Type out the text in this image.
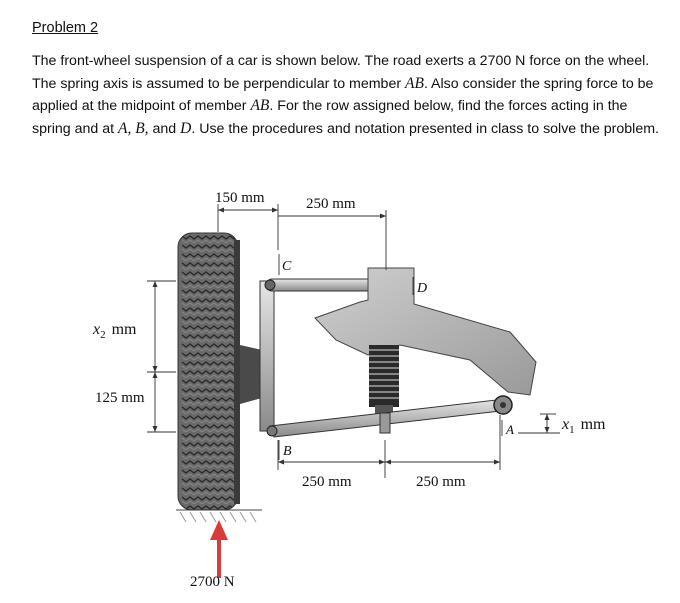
Problem 2
The front-wheel suspension of a car is shown below. The road exerts a 2700 N force on the wheel. The spring axis is assumed to be perpendicular to member AB. Also consider the spring force to be applied at the midpoint of member AB. For the row assigned below, find the forces acting in the spring and at A, B, and D. Use the procedures and notation presented in class to solve the problem.
150 mm	250 mm
$x_2$ mm
125 mm
250 mm	250 mm
$x_1$ mm
C
D
B
A
2700 N
